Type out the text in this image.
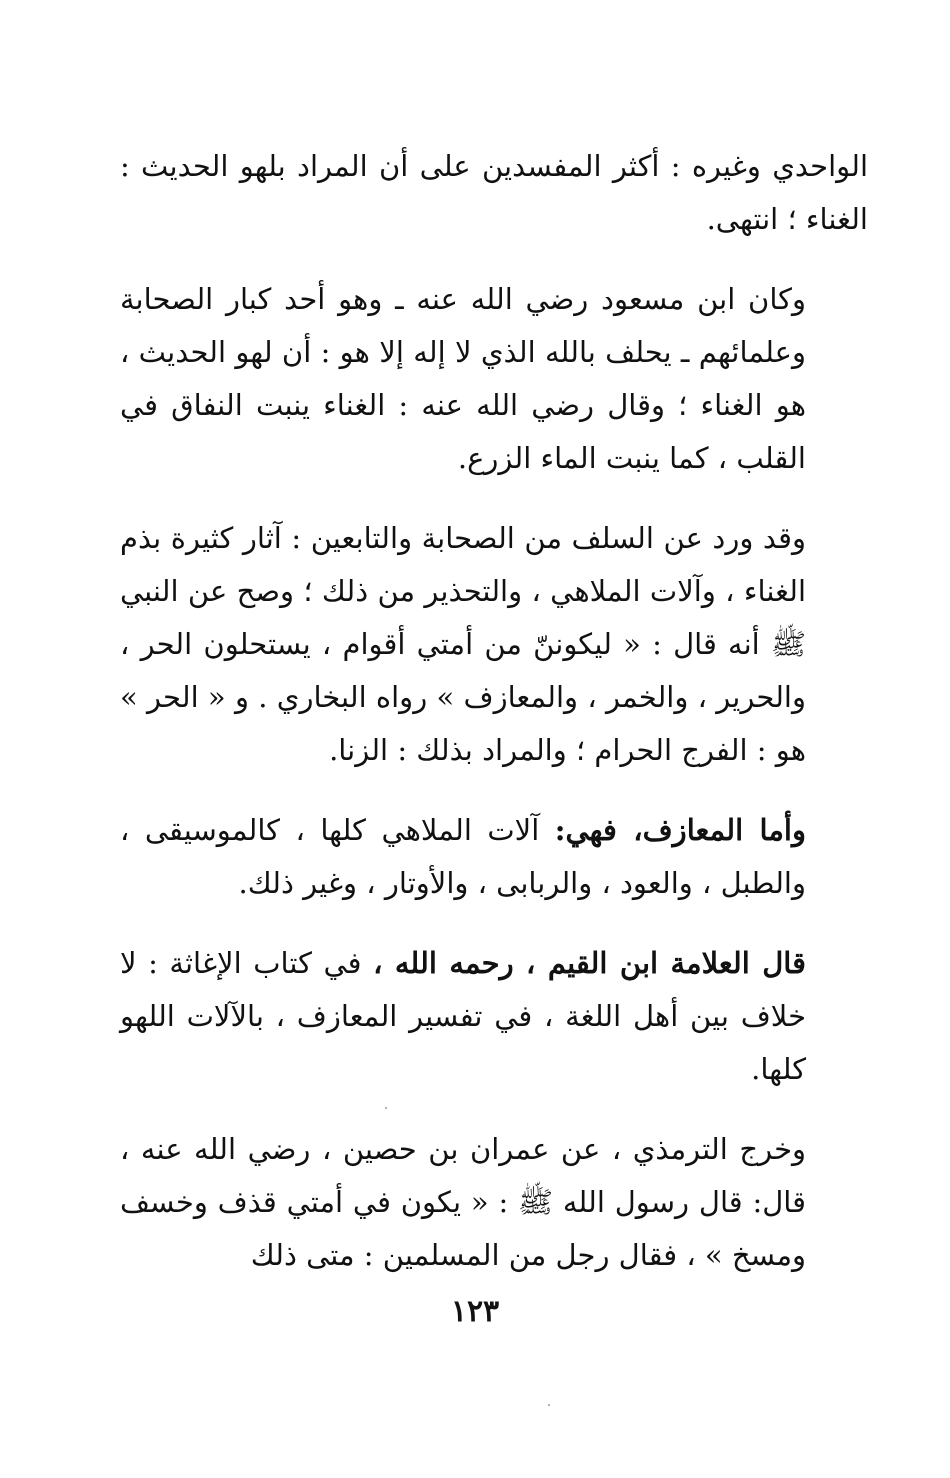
الواحدي وغيره : أكثر المفسدين على أن المراد بلهو الحديث : الغناء ؛ انتهى.

وكان ابن مسعود رضي الله عنه ـ وهو أحد كبار الصحابة وعلمائهم ـ يحلف بالله الذي لا إله إلا هو : أن لهو الحديث ، هو الغناء ؛ وقال رضي الله عنه : الغناء ينبت النفاق في القلب ، كما ينبت الماء الزرع.

وقد ورد عن السلف من الصحابة والتابعين : آثار كثيرة بذم الغناء ، وآلات الملاهي ، والتحذير من ذلك ؛ وصح عن النبي ﷺ أنه قال : « ليكوننّ من أمتي أقوام ، يستحلون الحر ، والحرير ، والخمر ، والمعازف » رواه البخاري . و « الحر » هو : الفرج الحرام ؛ والمراد بذلك : الزنا.

وأما المعازف، فهي: آلات الملاهي كلها ، كالموسيقى ، والطبل ، والعود ، والربابى ، والأوتار ، وغير ذلك.

قال العلامة ابن القيم ، رحمه الله ، في كتاب الإغاثة : لا خلاف بين أهل اللغة ، في تفسير المعازف ، بالآلات اللهو كلها.

وخرج الترمذي ، عن عمران بن حصين ، رضي الله عنه ، قال: قال رسول الله ﷺ : « يكون في أمتي قذف وخسف ومسخ » ، فقال رجل من المسلمين : متى ذلك

١٢٣
